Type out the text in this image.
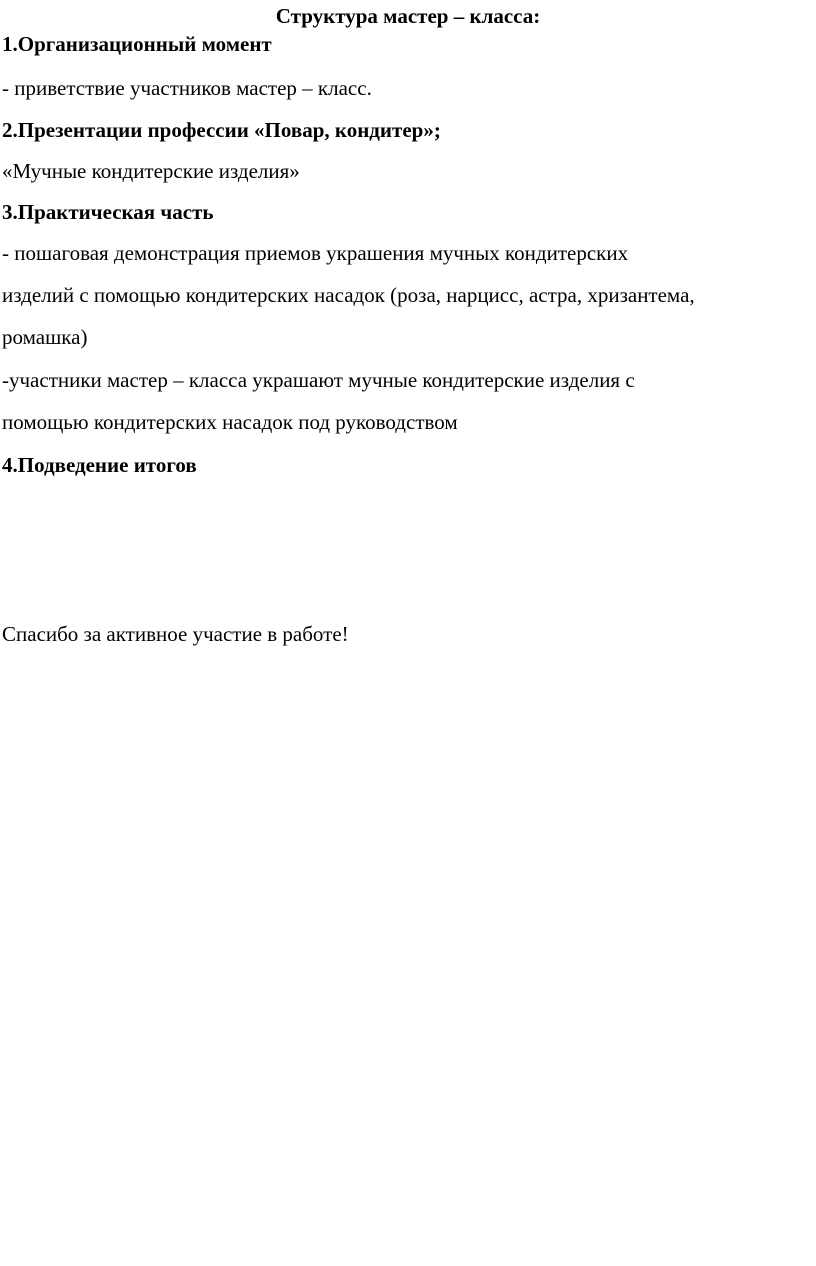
Структура мастер – класса:
1.Организационный момент
- приветствие участников мастер – класс.
2.Презентации профессии «Повар, кондитер»;
«Мучные кондитерские изделия»
3.Практическая часть
- пошаговая демонстрация приемов украшения мучных кондитерских
изделий с помощью кондитерских насадок (роза, нарцисс, астра, хризантема,
ромашка)
-участники мастер – класса украшают мучные кондитерские изделия с
помощью кондитерских насадок под руководством
4.Подведение итогов
Спасибо за активное участие в работе!
